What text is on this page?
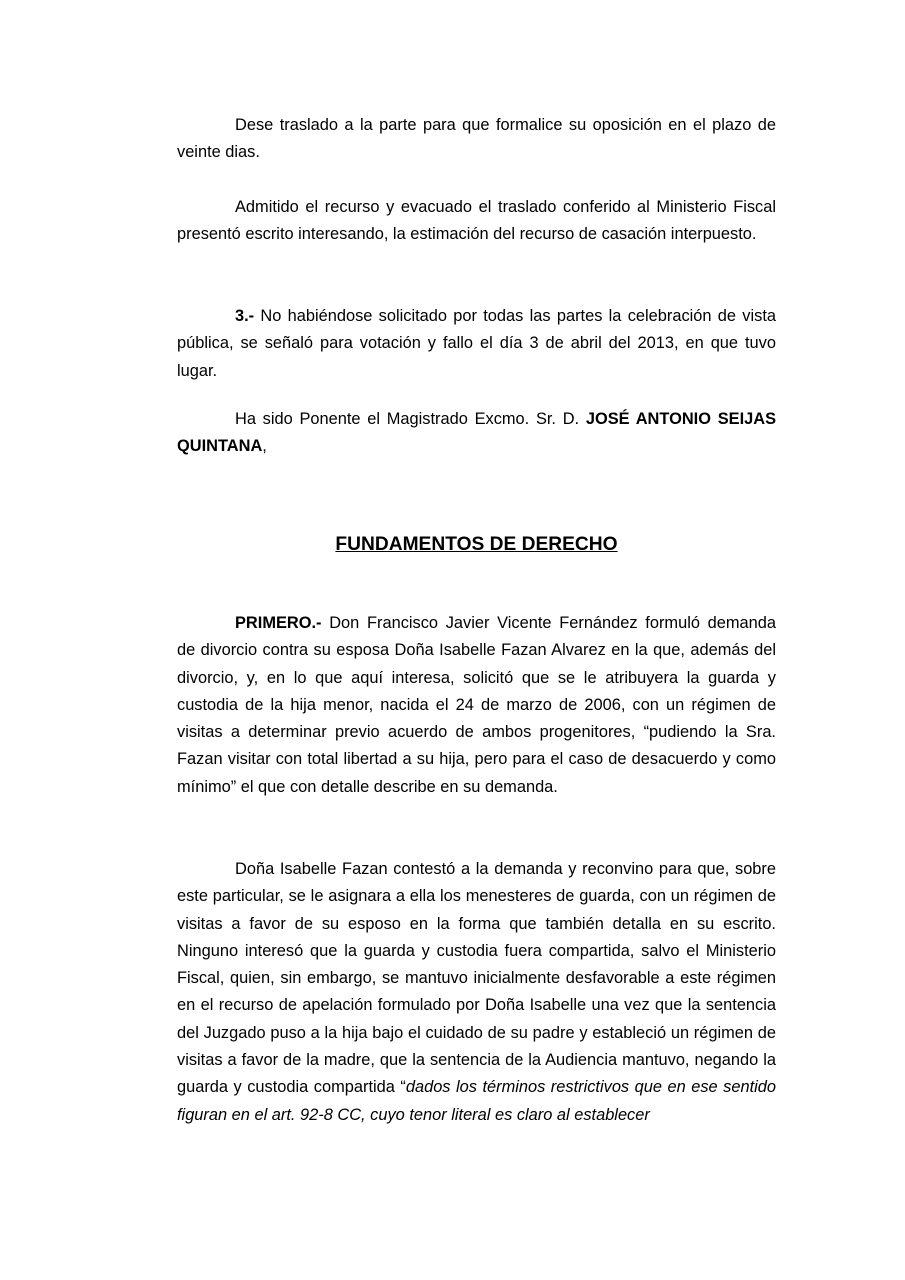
Dese traslado a la parte para que formalice su oposición en el plazo de veinte dias.

Admitido el recurso y evacuado el traslado conferido al Ministerio Fiscal presentó escrito interesando, la estimación del recurso de casación interpuesto.

3.- No habiéndose solicitado por todas las partes la celebración de vista pública, se señaló para votación y fallo el día 3 de abril del 2013, en que tuvo lugar.

Ha sido Ponente el Magistrado Excmo. Sr. D. JOSÉ ANTONIO SEIJAS QUINTANA,

FUNDAMENTOS DE DERECHO

PRIMERO.- Don Francisco Javier Vicente Fernández formuló demanda de divorcio contra su esposa Doña Isabelle Fazan Alvarez en la que, además del divorcio, y, en lo que aquí interesa, solicitó que se le atribuyera la guarda y custodia de la hija menor, nacida el 24 de marzo de 2006, con un régimen de visitas a determinar previo acuerdo de ambos progenitores, “pudiendo la Sra. Fazan visitar con total libertad a su hija, pero para el caso de desacuerdo y como mínimo” el que con detalle describe en su demanda.

Doña Isabelle Fazan contestó a la demanda y reconvino para que, sobre este particular, se le asignara a ella los menesteres de guarda, con un régimen de visitas a favor de su esposo en la forma que también detalla en su escrito. Ninguno interesó que la guarda y custodia fuera compartida, salvo el Ministerio Fiscal, quien, sin embargo, se mantuvo inicialmente desfavorable a este régimen en el recurso de apelación formulado por Doña Isabelle una vez que la sentencia del Juzgado puso a la hija bajo el cuidado de su padre y estableció un régimen de visitas a favor de la madre, que la sentencia de la Audiencia mantuvo, negando la guarda y custodia compartida “dados los términos restrictivos que en ese sentido figuran en el art. 92-8 CC, cuyo tenor literal es claro al establecer
